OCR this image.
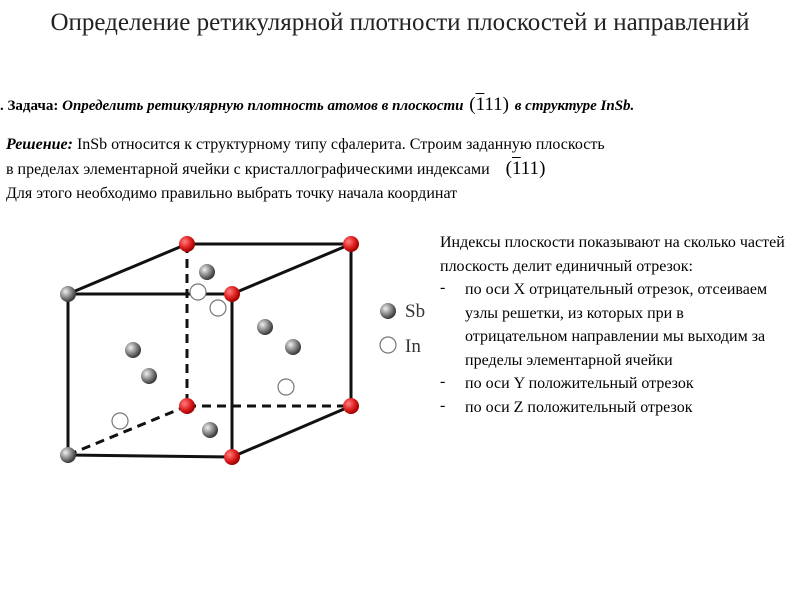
Определение ретикулярной плотности плоскостей и направлений
. Задача: Определить ретикулярную плотность атомов в плоскости (111) в структуре InSb.
Решение: InSb относится к структурному типу сфалерита. Строим заданную плоскость
в пределах элементарной ячейки с кристаллографическими индексами (111)
Для этого необходимо правильно выбрать точку начала координат
Sb
In
Индексы плоскости показывают на сколько частей плоскость делит единичный отрезок:
- по оси X отрицательный отрезок, отсеиваем узлы решетки, из которых при в отрицательном направлении мы выходим за пределы элементарной ячейки
- по оси Y положительный отрезок
- по оси Z положительный отрезок
